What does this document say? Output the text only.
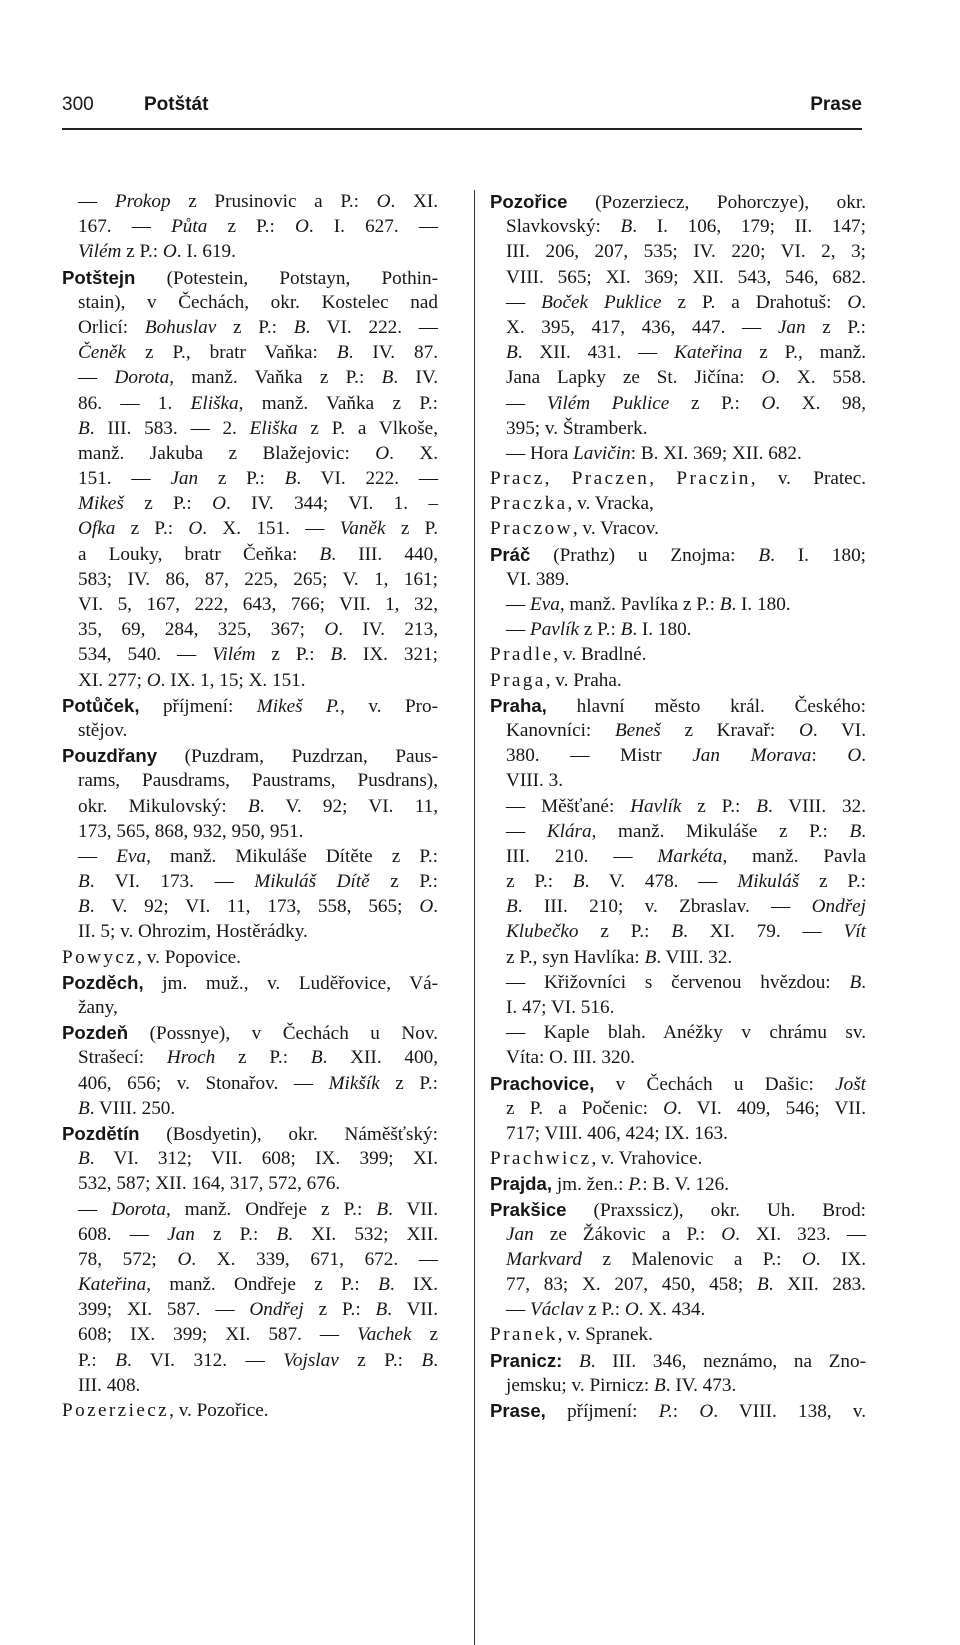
300	Potštát	Prase
— Prokop z Prusinovic a P.: O. XI.
167. — Půta z P.: O. I. 627. —
Vilém z P.: O. I. 619.
Potštejn (Potestein, Potstayn, Pothin-
stain), v Čechách, okr. Kostelec nad
Orlicí: Bohuslav z P.: B. VI. 222. —
Čeněk z P., bratr Vaňka: B. IV. 87.
— Dorota, manž. Vaňka z P.: B. IV.
86. — 1. Eliška, manž. Vaňka z P.:
B. III. 583. — 2. Eliška z P. a Vlkoše,
manž. Jakuba z Blažejovic: O. X.
151. — Jan z P.: B. VI. 222. —
Mikeš z P.: O. IV. 344; VI. 1. –
Ofka z P.: O. X. 151. — Vaněk z P.
a Louky, bratr Čeňka: B. III. 440,
583; IV. 86, 87, 225, 265; V. 1, 161;
VI. 5, 167, 222, 643, 766; VII. 1, 32,
35, 69, 284, 325, 367; O. IV. 213,
534, 540. — Vilém z P.: B. IX. 321;
XI. 277; O. IX. 1, 15; X. 151.
Potůček, příjmení: Mikeš P., v. Pro-
stějov.
Pouzdřany (Puzdram, Puzdrzan, Paus-
rams, Pausdrams, Paustrams, Pusdrans),
okr. Mikulovský: B. V. 92; VI. 11,
173, 565, 868, 932, 950, 951.
— Eva, manž. Mikuláše Dítěte z P.:
B. VI. 173. — Mikuláš Dítě z P.:
B. V. 92; VI. 11, 173, 558, 565; O.
II. 5; v. Ohrozim, Hostěrádky.
Powycz, v. Popovice.
Pozděch, jm. muž., v. Luděřovice, Vá-
žany,
Pozdeň (Possnye), v Čechách u Nov.
Strašecí: Hroch z P.: B. XII. 400,
406, 656; v. Stonařov. — Mikšík z P.:
B. VIII. 250.
Pozdětín (Bosdyetin), okr. Náměšťský:
B. VI. 312; VII. 608; IX. 399; XI.
532, 587; XII. 164, 317, 572, 676.
— Dorota, manž. Ondřeje z P.: B. VII.
608. — Jan z P.: B. XI. 532; XII.
78, 572; O. X. 339, 671, 672. —
Kateřina, manž. Ondřeje z P.: B. IX.
399; XI. 587. — Ondřej z P.: B. VII.
608; IX. 399; XI. 587. — Vachek z
P.: B. VI. 312. — Vojslav z P.: B.
III. 408.
Pozerziecz, v. Pozořice.
Pozořice (Pozerziecz, Pohorczye), okr.
Slavkovský: B. I. 106, 179; II. 147;
III. 206, 207, 535; IV. 220; VI. 2, 3;
VIII. 565; XI. 369; XII. 543, 546, 682.
— Boček Puklice z P. a Drahotuš: O.
X. 395, 417, 436, 447. — Jan z P.:
B. XII. 431. — Kateřina z P., manž.
Jana Lapky ze St. Jičína: O. X. 558.
— Vilém Puklice z P.: O. X. 98,
395; v. Štramberk.
— Hora Lavičin: B. XI. 369; XII. 682.
Pracz, Praczen, Praczin, v. Pratec.
Praczka, v. Vracka,
Praczow, v. Vracov.
Práč (Prathz) u Znojma: B. I. 180;
VI. 389.
— Eva, manž. Pavlíka z P.: B. I. 180.
— Pavlík z P.: B. I. 180.
Pradle, v. Bradlné.
Praga, v. Praha.
Praha, hlavní město král. Českého:
Kanovníci: Beneš z Kravař: O. VI.
380. — Mistr Jan Morava: O.
VIII. 3.
— Měšťané: Havlík z P.: B. VIII. 32.
— Klára, manž. Mikuláše z P.: B.
III. 210. — Markéta, manž. Pavla
z P.: B. V. 478. — Mikuláš z P.:
B. III. 210; v. Zbraslav. — Ondřej
Klubečko z P.: B. XI. 79. — Vít
z P., syn Havlíka: B. VIII. 32.
— Křižovníci s červenou hvězdou: B.
I. 47; VI. 516.
— Kaple blah. Anéžky v chrámu sv.
Víta: O. III. 320.
Prachovice, v Čechách u Dašic: Jošt
z P. a Počenic: O. VI. 409, 546; VII.
717; VIII. 406, 424; IX. 163.
Prachwicz, v. Vrahovice.
Prajda, jm. žen.: P.: B. V. 126.
Prakšice (Praxssicz), okr. Uh. Brod:
Jan ze Žákovic a P.: O. XI. 323. —
Markvard z Malenovic a P.: O. IX.
77, 83; X. 207, 450, 458; B. XII. 283.
— Václav z P.: O. X. 434.
Pranek, v. Spranek.
Pranicz: B. III. 346, neznámo, na Zno-
jemsku; v. Pirnicz: B. IV. 473.
Prase, příjmení: P.: O. VIII. 138, v.
